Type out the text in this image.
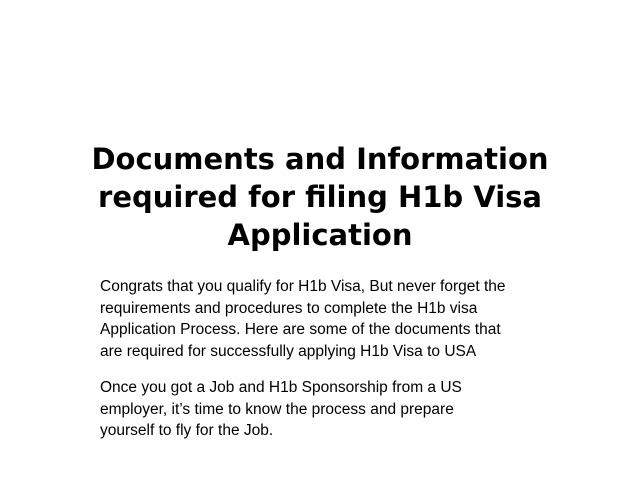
Documents and Information
required for filing H1b Visa
Application

Congrats that you qualify for H1b Visa, But never forget the
requirements and procedures to complete the H1b visa
Application Process. Here are some of the documents that
are required for successfully applying H1b Visa to USA

Once you got a Job and H1b Sponsorship from a US
employer, it’s time to know the process and prepare
yourself to fly for the Job.
